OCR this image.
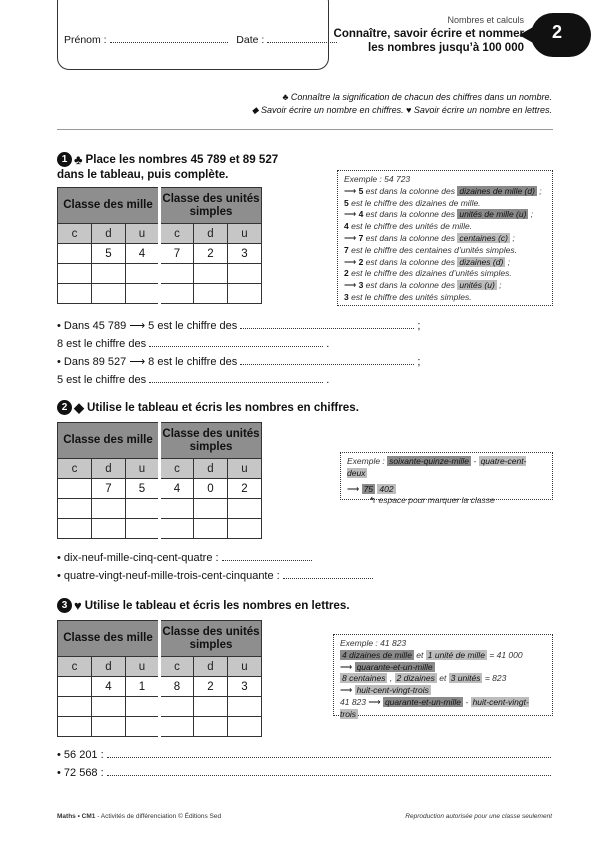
Prénom :	Date :
Nombres et calculs
Connaître, savoir écrire et nommer
les nombres jusqu’à 100 000
2
♣ Connaître la signification de chacun des chiffres dans un nombre.
◆ Savoir écrire un nombre en chiffres. ♥ Savoir écrire un nombre en lettres.
1 ♣ Place les nombres 45 789 et 89 527
dans le tableau, puis complète.
Classe des mille			Classe des unités simples		
c	d	u	c	d	u
	5	4	7	2	3

Exemple : 54 723
⟶ 5 est dans la colonne des dizaines de mille (d) ;
5 est le chiffre des dizaines de mille.
⟶ 4 est dans la colonne des unités de mille (u) ;
4 est le chiffre des unités de mille.
⟶ 7 est dans la colonne des centaines (c) ;
7 est le chiffre des centaines d’unités simples.
⟶ 2 est dans la colonne des dizaines (d) ;
2 est le chiffre des dizaines d’unités simples.
⟶ 3 est dans la colonne des unités (u) ;
3 est le chiffre des unités simples.
• Dans 45 789 ⟶ 5 est le chiffre des	;
8 est le chiffre des	.
• Dans 89 527 ⟶ 8 est le chiffre des	;
5 est le chiffre des	.
2 ◆ Utilise le tableau et écris les nombres en chiffres.
Classe des mille			Classe des unités simples		
c	d	u	c	d	u
	7	5	4	0	2

Exemple : soixante-quinze-mille - quatre-cent-deux
⟶ 75 402
↰ espace pour marquer la classe
• dix-neuf-mille-cinq-cent-quatre :
• quatre-vingt-neuf-mille-trois-cent-cinquante :
3 ♥ Utilise le tableau et écris les nombres en lettres.
Classe des mille			Classe des unités simples		
c	d	u	c	d	u
	4	1	8	2	3

Exemple : 41 823
4 dizaines de mille et 1 unité de mille = 41 000
⟶ quarante-et-un-mille
8 centaines , 2 dizaines et 3 unités = 823
⟶ huit-cent-vingt-trois
41 823 ⟶ quarante-et-un-mille - huit-cent-vingt-trois
• 56 201 :
• 72 568 :
Maths • CM1 - Activités de différenciation © Éditions Sed	Reproduction autorisée pour une classe seulement
